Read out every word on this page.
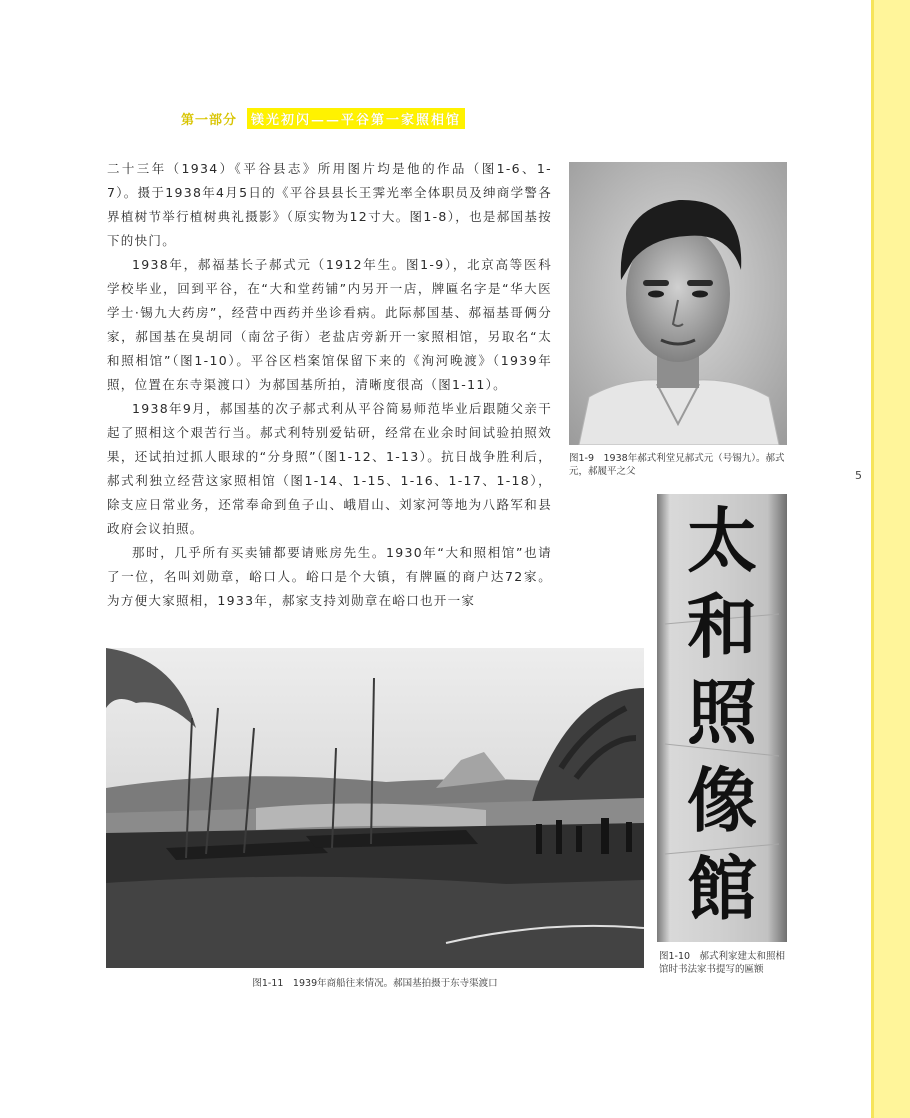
第一部分	镁光初闪——平谷第一家照相馆

二十三年（1934）《平谷县志》所用图片均是他的作品（图1-6、1-7）。摄于1938年4月5日的《平谷县县长王霁光率全体职员及绅商学警各界植树节举行植树典礼摄影》（原实物为12寸大。图1-8），也是郝国基按下的快门。

1938年，郝福基长子郝式元（1912年生。图1-9），北京高等医科学校毕业，回到平谷，在“大和堂药铺”内另开一店，牌匾名字是“华大医学士·锡九大药房”，经营中西药并坐诊看病。此际郝国基、郝福基哥俩分家，郝国基在臭胡同（南岔子街）老盐店旁新开一家照相馆，另取名“太和照相馆”（图1-10）。平谷区档案馆保留下来的《洵河晚渡》（1939年照，位置在东寺渠渡口）为郝国基所拍，清晰度很高（图1-11）。

1938年9月，郝国基的次子郝式利从平谷简易师范毕业后跟随父亲干起了照相这个艰苦行当。郝式利特别爱钻研，经常在业余时间试验拍照效果，还试拍过抓人眼球的“分身照”（图1-12、1-13）。抗日战争胜利后，郝式利独立经营这家照相馆（图1-14、1-15、1-16、1-17、1-18），除支应日常业务，还常奉命到鱼子山、峨眉山、刘家河等地为八路军和县政府会议拍照。

那时，几乎所有买卖铺都要请账房先生。1930年“大和照相馆”也请了一位，名叫刘勋章，峪口人。峪口是个大镇，有牌匾的商户达72家。为方便大家照相，1933年，郝家支持刘勋章在峪口也开一家

图1-9　1938年郝式利堂兄郝式元（号锡九）。郝式元，郝履平之父	5
太
和
照
像
館
图1-10　郝式利家建太和照相馆时书法家书提写的匾额
图1-11　1939年商船往来情况。郝国基拍摄于东寺渠渡口
